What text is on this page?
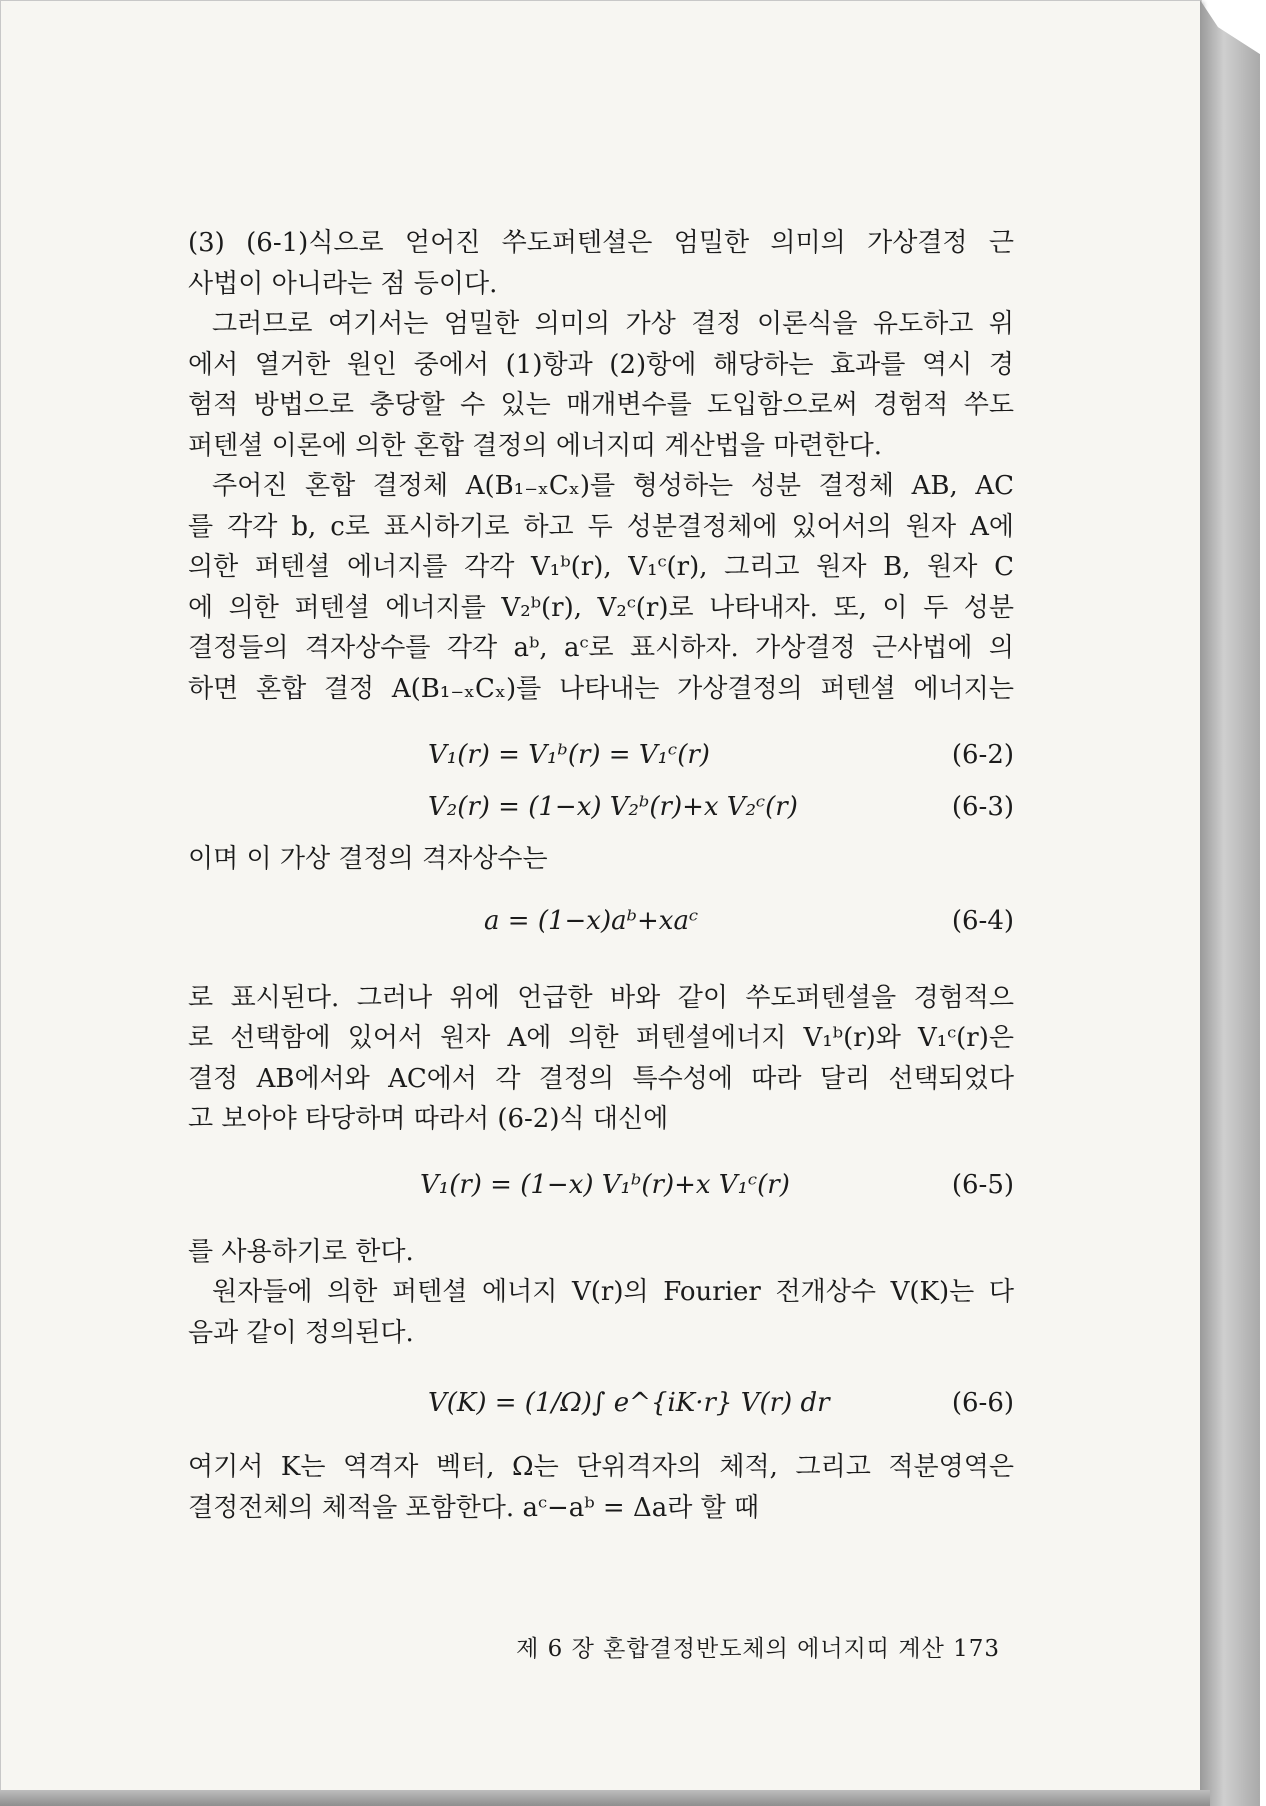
(3) (6-1)식으로 얻어진 쑤도퍼텐셜은 엄밀한 의미의 가상결정 근

사법이 아니라는 점 등이다.

그러므로 여기서는 엄밀한 의미의 가상 결정 이론식을 유도하고 위

에서 열거한 원인 중에서 (1)항과 (2)항에 해당하는 효과를 역시 경

험적 방법으로 충당할 수 있는 매개변수를 도입함으로써 경험적 쑤도

퍼텐셜 이론에 의한 혼합 결정의 에너지띠 계산법을 마련한다.

주어진 혼합 결정체 A(B₁₋ₓCₓ)를 형성하는 성분 결정체 AB, AC

를 각각 b, c로 표시하기로 하고 두 성분결정체에 있어서의 원자 A에

의한 퍼텐셜 에너지를 각각 V₁ᵇ(r), V₁ᶜ(r), 그리고 원자 B, 원자 C

에 의한 퍼텐셜 에너지를 V₂ᵇ(r), V₂ᶜ(r)로 나타내자. 또, 이 두 성분

결정들의 격자상수를 각각 aᵇ, aᶜ로 표시하자. 가상결정 근사법에 의

하면 혼합 결정 A(B₁₋ₓCₓ)를 나타내는 가상결정의 퍼텐셜 에너지는

V₁(r) = V₁ᵇ(r) = V₁ᶜ(r)	(6-2)
V₂(r) = (1−x) V₂ᵇ(r)+x V₂ᶜ(r)	(6-3)

이며 이 가상 결정의 격자상수는

a = (1−x)aᵇ+xaᶜ	(6-4)

로 표시된다. 그러나 위에 언급한 바와 같이 쑤도퍼텐셜을 경험적으

로 선택함에 있어서 원자 A에 의한 퍼텐셜에너지 V₁ᵇ(r)와 V₁ᶜ(r)은

결정 AB에서와 AC에서 각 결정의 특수성에 따라 달리 선택되었다

고 보아야 타당하며 따라서 (6-2)식 대신에

V₁(r) = (1−x) V₁ᵇ(r)+x V₁ᶜ(r)	(6-5)

를 사용하기로 한다.

원자들에 의한 퍼텐셜 에너지 V(r)의 Fourier 전개상수 V(K)는 다

음과 같이 정의된다.

V(K) = (1/Ω)∫ e^{iK·r} V(r) dr	(6-6)

여기서 K는 역격자 벡터, Ω는 단위격자의 체적, 그리고 적분영역은

결정전체의 체적을 포함한다. aᶜ−aᵇ = Δa라 할 때

제 6 장 혼합결정반도체의 에너지띠 계산 173
